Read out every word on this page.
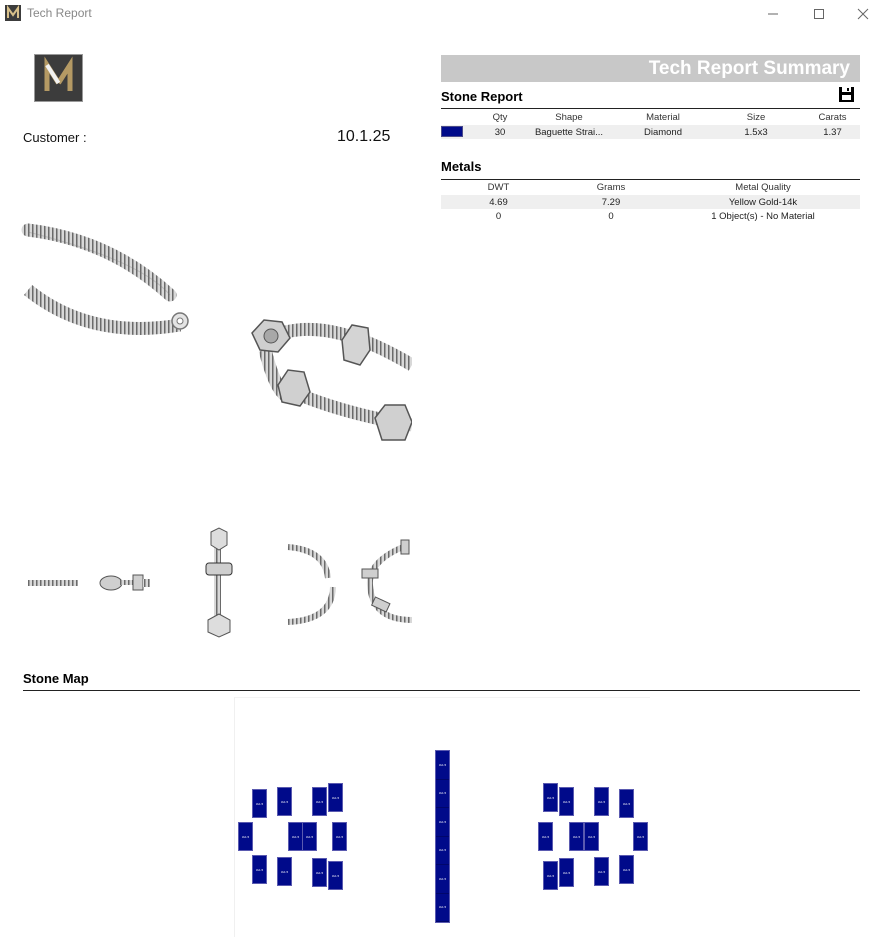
Tech Report
Customer :	10.1.25
Tech Report Summary
Stone Report
	Qty	Shape	Material	Size	Carats
	30	Baguette Strai...	Diamond	1.5x3	1.37
Metals
DWT	Grams	Metal Quality
4.69	7.29	Yellow Gold-14k
0	0	1 Object(s) - No Material
Stone Map
3x1.5	3x1.5	3x1.5
3x1.5
3x1.5	3x1.5	3x1.5	3x1.5
3x1.5	3x1.5	3x1.5
3x1.5
3x1.5
3x1.5	3x1.5	3x1.5
3x1.5	3x1.5	3x1.5	3x1.5
3x1.5
3x1.5	3x1.5	3x1.5
3x1.5
3x1.5
3x1.5
3x1.5
3x1.5
3x1.5
